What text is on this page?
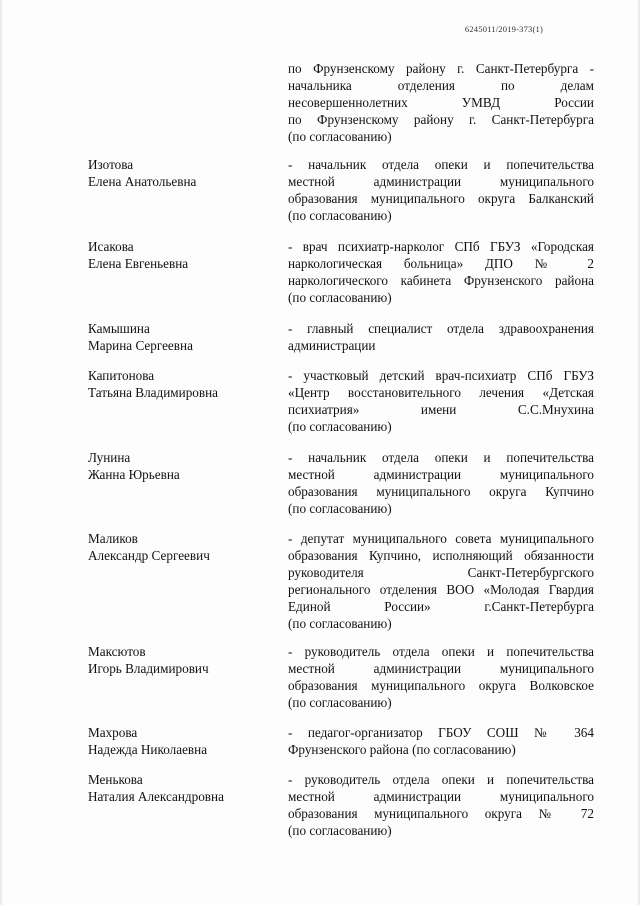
6245011/2019-373(1)
по Фрунзенскому району г. Санкт-Петербурга -
начальника отделения по делам
несовершеннолетних УМВД России
по Фрунзенскому району г. Санкт-Петербурга
(по согласованию)
Изотова
Елена Анатольевна
- начальник отдела опеки и попечительства
местной администрации муниципального
образования муниципального округа Балканский
(по согласованию)
Исакова
Елена Евгеньевна
- врач психиатр-нарколог СПб ГБУЗ «Городская
наркологическая больница» ДПО № 2
наркологического кабинета Фрунзенского района
(по согласованию)
Камышина
Марина Сергеевна
- главный специалист отдела здравоохранения
администрации
Капитонова
Татьяна Владимировна
- участковый детский врач-психиатр СПб ГБУЗ
«Центр восстановительного лечения «Детская
психиатрия» имени С.С.Мнухина
(по согласованию)
Лунина
Жанна Юрьевна
- начальник отдела опеки и попечительства
местной администрации муниципального
образования муниципального округа Купчино
(по согласованию)
Маликов
Александр Сергеевич
- депутат муниципального совета муниципального
образования Купчино, исполняющий обязанности
руководителя Санкт-Петербургского
регионального отделения ВОО «Молодая Гвардия
Единой России» г.Санкт-Петербурга
(по согласованию)
Максютов
Игорь Владимирович
- руководитель отдела опеки и попечительства
местной администрации муниципального
образования муниципального округа Волковское
(по согласованию)
Махрова
Надежда Николаевна
- педагог-организатор ГБОУ СОШ № 364
Фрунзенского района (по согласованию)
Менькова
Наталия Александровна
- руководитель отдела опеки и попечительства
местной администрации муниципального
образования муниципального округа № 72
(по согласованию)
